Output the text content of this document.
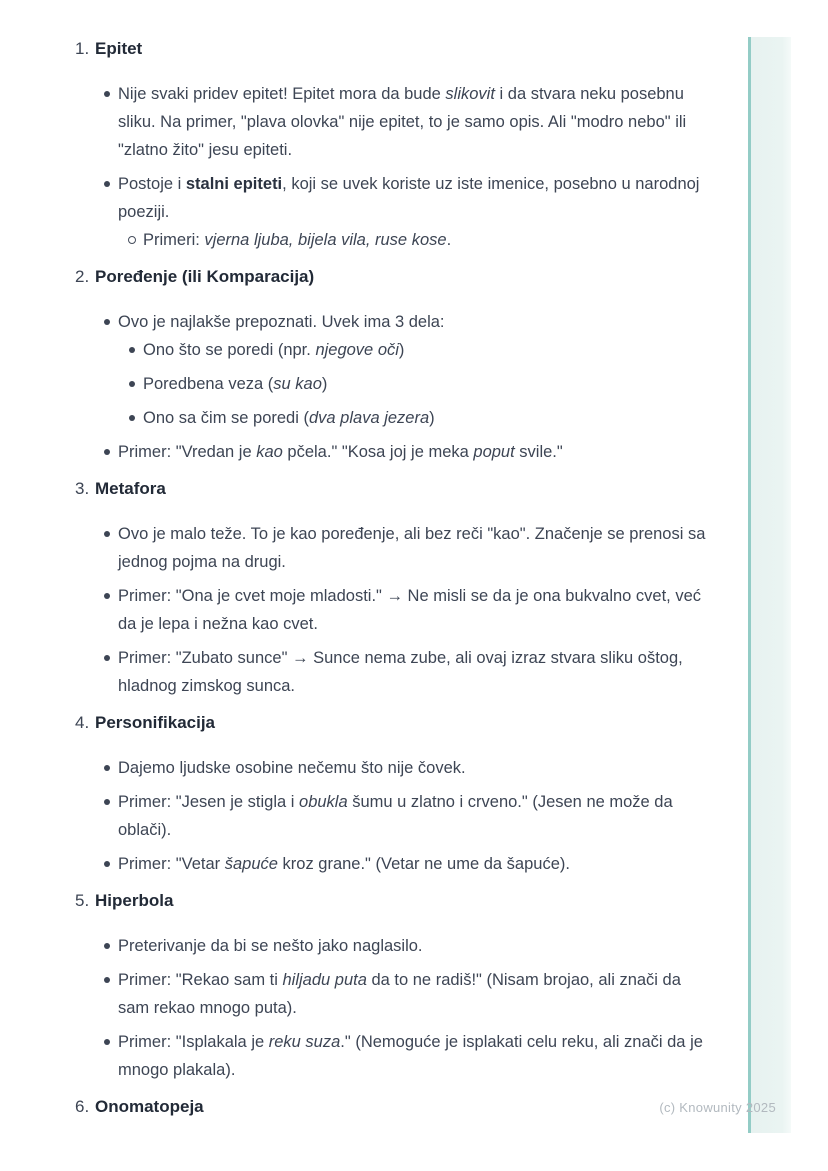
1. Epitet
Nije svaki pridev epitet! Epitet mora da bude slikovit i da stvara neku posebnu sliku. Na primer, "plava olovka" nije epitet, to je samo opis. Ali "modro nebo" ili "zlatno žito" jesu epiteti.
Postoje i stalni epiteti, koji se uvek koriste uz iste imenice, posebno u narodnoj poeziji.
Primeri: vjerna ljuba, bijela vila, ruse kose.
2. Poređenje (ili Komparacija)
Ovo je najlakše prepoznati. Uvek ima 3 dela:
Ono što se poredi (npr. njegove oči)
Poredbena veza (su kao)
Ono sa čim se poredi (dva plava jezera)
Primer: "Vredan je kao pčela." "Kosa joj je meka poput svile."
3. Metafora
Ovo je malo teže. To je kao poređenje, ali bez reči "kao". Značenje se prenosi sa jednog pojma na drugi.
Primer: "Ona je cvet moje mladosti." → Ne misli se da je ona bukvalno cvet, već da je lepa i nežna kao cvet.
Primer: "Zubato sunce" → Sunce nema zube, ali ovaj izraz stvara sliku oštog, hladnog zimskog sunca.
4. Personifikacija
Dajemo ljudske osobine nečemu što nije čovek.
Primer: "Jesen je stigla i obukla šumu u zlatno i crveno." (Jesen ne može da oblači).
Primer: "Vetar šapuće kroz grane." (Vetar ne ume da šapuće).
5. Hiperbola
Preterivanje da bi se nešto jako naglasilo.
Primer: "Rekao sam ti hiljadu puta da to ne radiš!" (Nisam brojao, ali znači da sam rekao mnogo puta).
Primer: "Isplakala je reku suza." (Nemoguće je isplakati celu reku, ali znači da je mnogo plakala).
6. Onomatopeja	(c) Knowunity 2025
